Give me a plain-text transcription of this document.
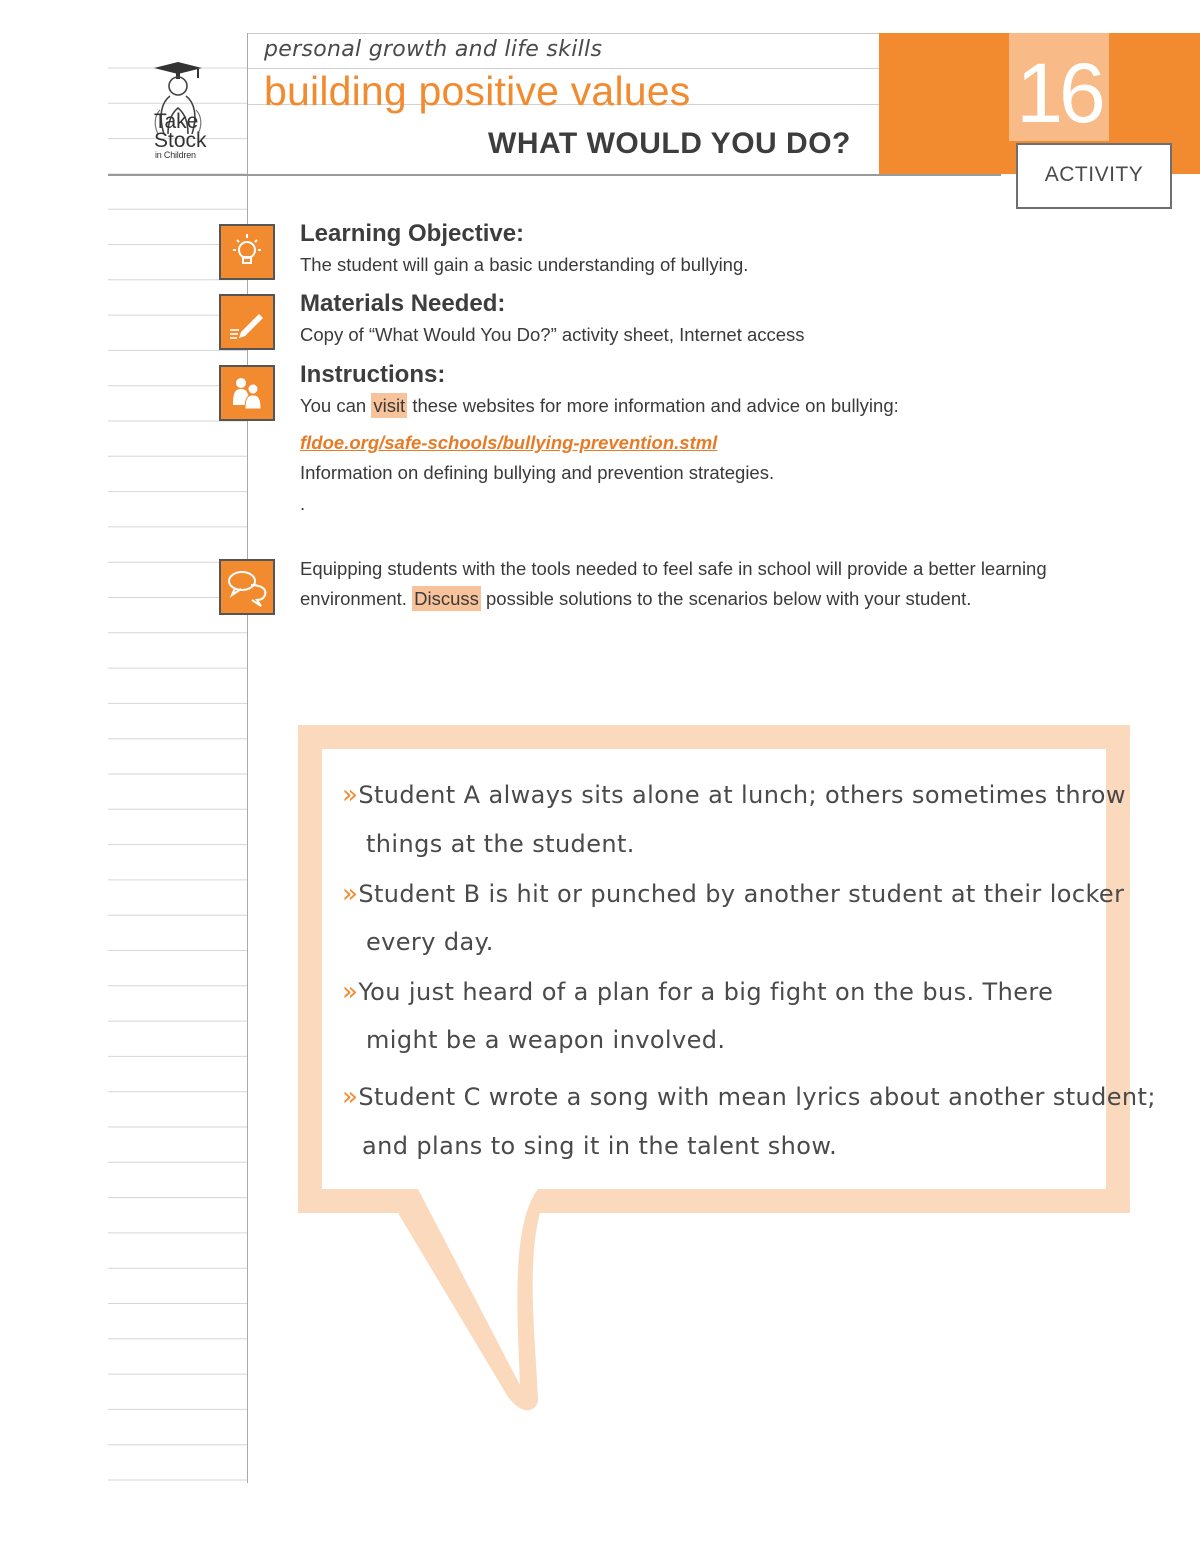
Take
Stock
in Children
personal growth and life skills
building positive values
WHAT WOULD YOU DO?
16
ACTIVITY
Learning Objective:
The student will gain a basic understanding of bullying.
Materials Needed:
Copy of “What Would You Do?” activity sheet, Internet access
Instructions:
You can visit these websites for more information and advice on bullying:
fldoe.org/safe-schools/bullying-prevention.stml
Information on defining bullying and prevention strategies.
.
Equipping students with the tools needed to feel safe in school will provide a better learning
environment. Discuss possible solutions to the scenarios below with your student.
»Student A always sits alone at lunch; others sometimes throw
things at the student.
»Student B is hit or punched by another student at their locker
every day.
»You just heard of a plan for a big fight on the bus. There
might be a weapon involved.
»Student C wrote a song with mean lyrics about another student;
and plans to sing it in the talent show.
